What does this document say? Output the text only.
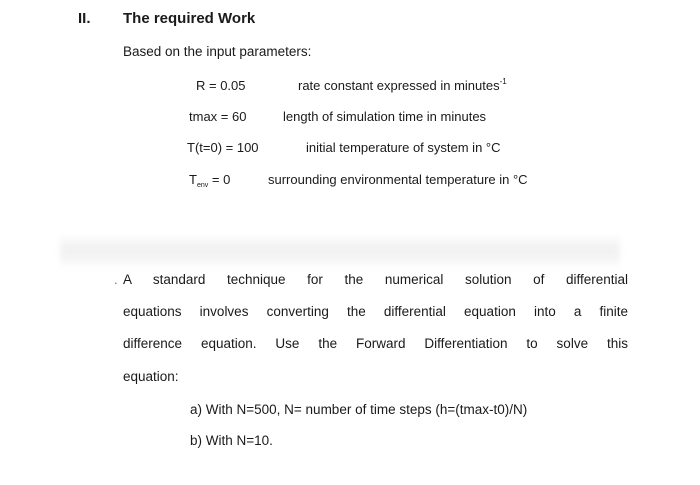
II. The required Work
Based on the input parameters:
R = 0.05	rate constant expressed in minutes$^{-1}$
tmax = 60	length of simulation time in minutes
T(t=0) = 100	initial temperature of system in °C
$T_{env} = 0$	surrounding environmental temperature in °C
. A standard technique for the numerical solution of differential
equations involves converting the differential equation into a finite
difference equation. Use the Forward Differentiation to solve this
equation:
a) With N=500, N= number of time steps (h=(tmax-t0)/N)
b) With N=10.
